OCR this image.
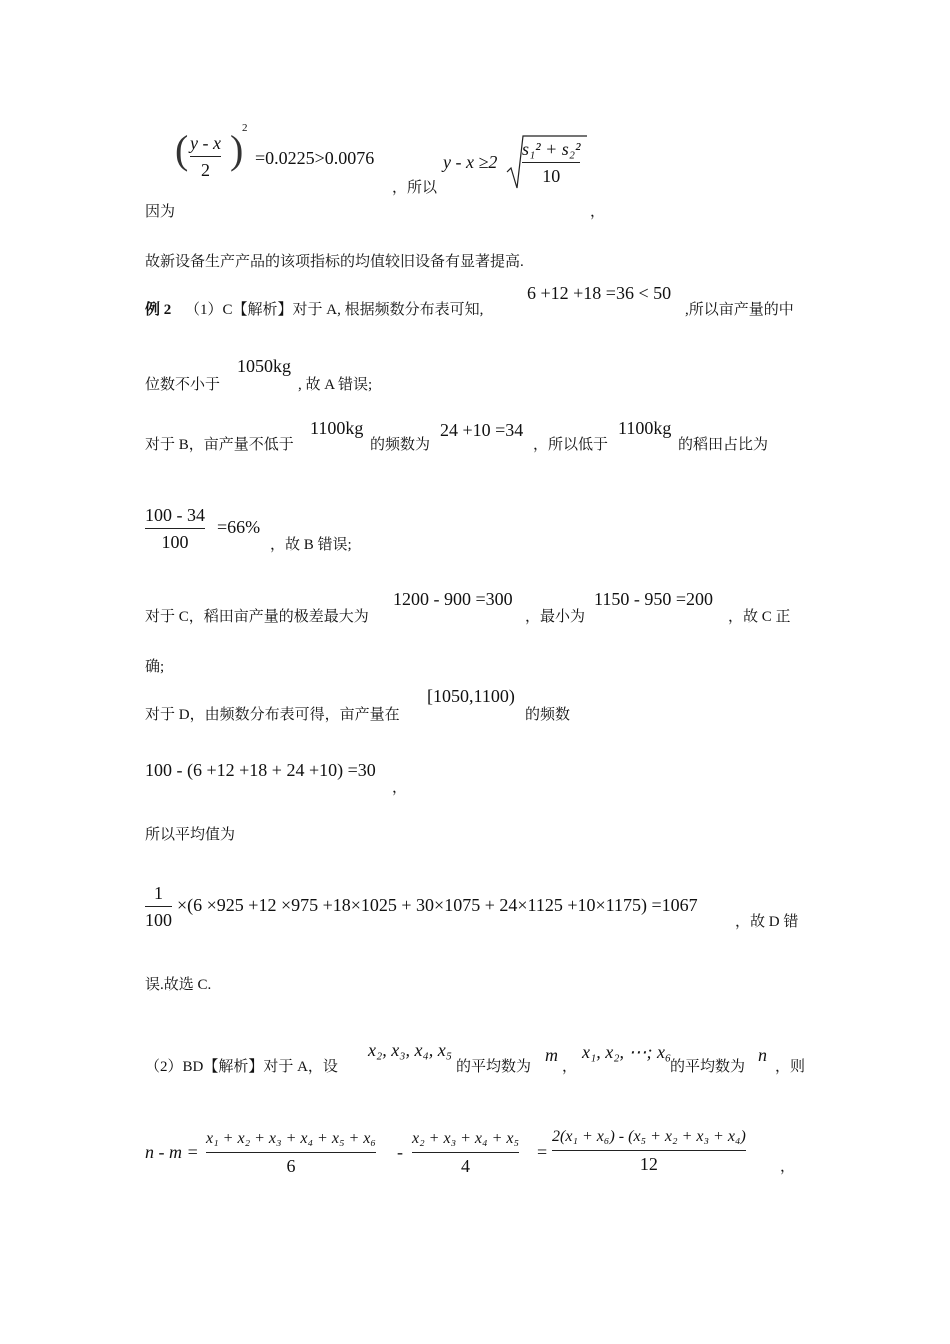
( y - x
2 )
2
=0.0225>0.0076
，所以
y - x ≥2
s₁² + s₂²
10
因为	，
故新设备生产产品的该项指标的均值较旧设备有显著提高.
例 2 （1）C【解析】对于 A, 根据频数分布表可知,
6 +12 +18 =36 < 50
,所以亩产量的中
位数不小于
1050kg
, 故 A 错误;
对于 B，亩产量不低于
1100kg
的频数为
24 +10 =34
，所以低于
1100kg
的稻田占比为
100 - 34
100
=66%
，故 B 错误;
对于 C，稻田亩产量的极差最大为
1200 - 900 =300
，最小为
1150 - 950 =200
，故 C 正
确;
对于 D，由频数分布表可得，亩产量在
[1050,1100)
的频数
100 - (6 +12 +18 + 24 +10) =30
，
所以平均值为
1
100
×(6 ×925 +12 ×975 +18×1025 + 30×1075 + 24×1125 +10×1175) =1067
，故 D 错
误.故选 C.
（2）BD【解析】对于 A，设
x₂, x₃, x₄, x₅
的平均数为
m
，
x₁, x₂, ⋯; x₆
的平均数为
n
，则
n - m =
x₁ + x₂ + x₃ + x₄ + x₅ + x₆
6
-
x₂ + x₃ + x₄ + x₅
4
=
2(x₁ + x₆) - (x₅ + x₂ + x₃ + x₄)
12	，
